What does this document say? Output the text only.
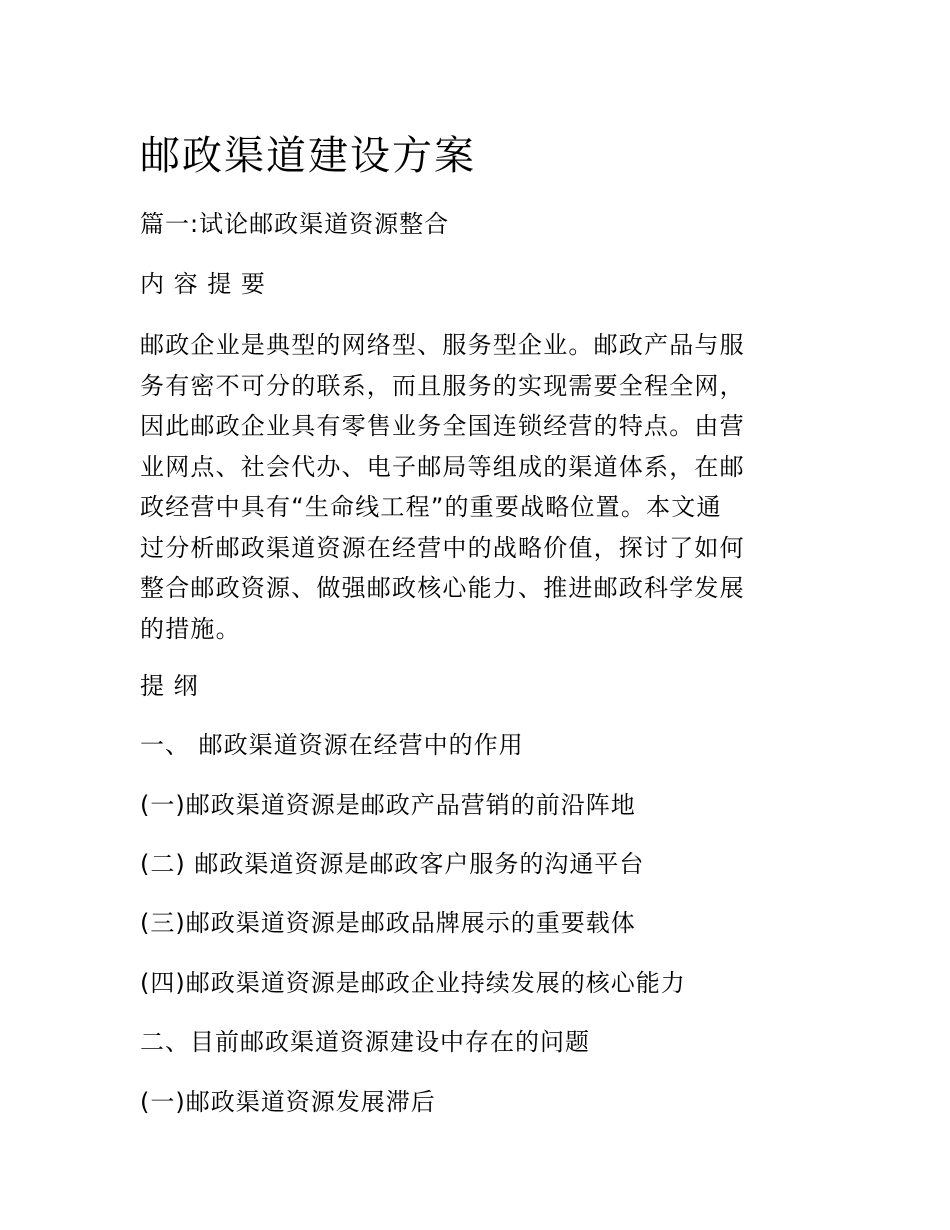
邮政渠道建设方案
篇一:试论邮政渠道资源整合
内 容 提 要
邮政企业是典型的网络型、服务型企业。邮政产品与服
务有密不可分的联系，而且服务的实现需要全程全网，
因此邮政企业具有零售业务全国连锁经营的特点。由营
业网点、社会代办、电子邮局等组成的渠道体系，在邮
政经营中具有“生命线工程”的重要战略位置。本文通
过分析邮政渠道资源在经营中的战略价值，探讨了如何
整合邮政资源、做强邮政核心能力、推进邮政科学发展
的措施。
提 纲
一、 邮政渠道资源在经营中的作用
(一)邮政渠道资源是邮政产品营销的前沿阵地
(二) 邮政渠道资源是邮政客户服务的沟通平台
(三)邮政渠道资源是邮政品牌展示的重要载体
(四)邮政渠道资源是邮政企业持续发展的核心能力
二、目前邮政渠道资源建设中存在的问题
(一)邮政渠道资源发展滞后
